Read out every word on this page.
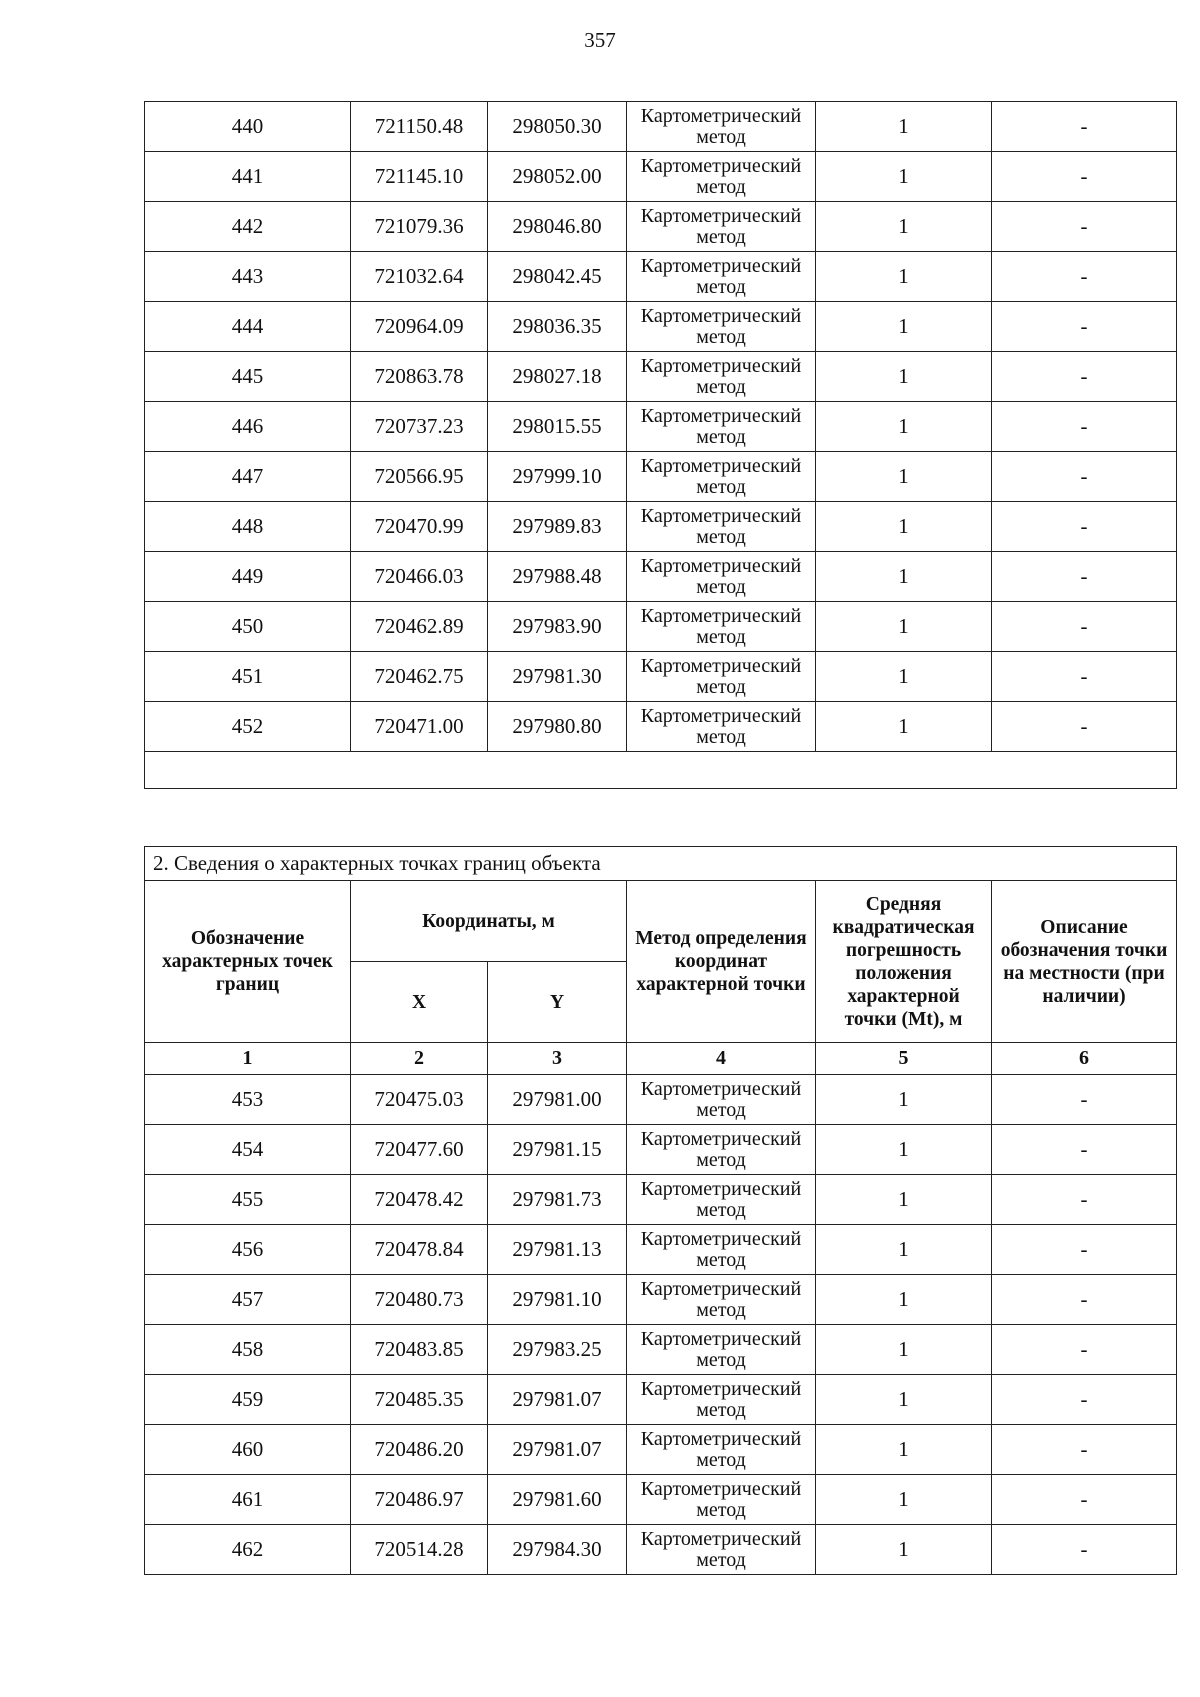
357
440	721150.48	298050.30	Картометрический метод	1	-
441	721145.10	298052.00	Картометрический метод	1	-
442	721079.36	298046.80	Картометрический метод	1	-
443	721032.64	298042.45	Картометрический метод	1	-
444	720964.09	298036.35	Картометрический метод	1	-
445	720863.78	298027.18	Картометрический метод	1	-
446	720737.23	298015.55	Картометрический метод	1	-
447	720566.95	297999.10	Картометрический метод	1	-
448	720470.99	297989.83	Картометрический метод	1	-
449	720466.03	297988.48	Картометрический метод	1	-
450	720462.89	297983.90	Картометрический метод	1	-
451	720462.75	297981.30	Картометрический метод	1	-
452	720471.00	297980.80	Картометрический метод	1	-

2. Сведения о характерных точках границ объекта					
Обозначение характерных точек границ	Координаты, м		Метод определения координат характерной точки	Средняя квадратическая погрешность положения характерной точки (Mt), м	Описание обозначения точки на местности (при наличии)
	X	Y			
1	2	3	4	5	6
453	720475.03	297981.00	Картометрический метод	1	-
454	720477.60	297981.15	Картометрический метод	1	-
455	720478.42	297981.73	Картометрический метод	1	-
456	720478.84	297981.13	Картометрический метод	1	-
457	720480.73	297981.10	Картометрический метод	1	-
458	720483.85	297983.25	Картометрический метод	1	-
459	720485.35	297981.07	Картометрический метод	1	-
460	720486.20	297981.07	Картометрический метод	1	-
461	720486.97	297981.60	Картометрический метод	1	-
462	720514.28	297984.30	Картометрический метод	1	-
